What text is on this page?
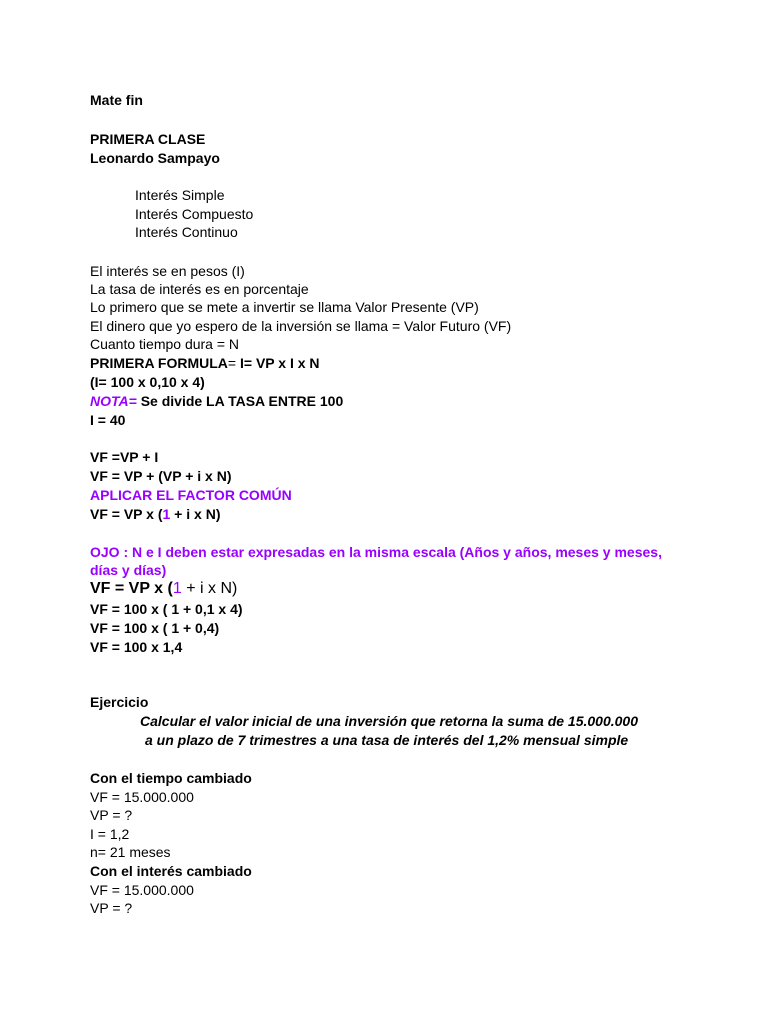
Mate fin
PRIMERA CLASE
Leonardo Sampayo
Interés Simple
Interés Compuesto
Interés Continuo
El interés se en pesos (I)
La tasa de interés es en porcentaje
Lo primero que se mete a invertir se llama Valor Presente (VP)
El dinero que yo espero de la inversión se llama = Valor Futuro (VF)
Cuanto tiempo dura = N
PRIMERA FORMULA= I= VP x I x N
(I= 100 x 0,10 x 4)
NOTA= Se divide LA TASA ENTRE 100
I = 40
VF =VP + I
VF = VP + (VP + i x N)
APLICAR EL FACTOR COMÚN
VF = VP x (1 + i x N)
OJO : N e I deben estar expresadas en la misma escala (Años y años, meses y meses,
días y días)
VF = VP x (1 + i x N)
VF = 100 x ( 1 + 0,1 x 4)
VF = 100 x ( 1 + 0,4)
VF = 100 x 1,4
Ejercicio
Calcular el valor inicial de una inversión que retorna la suma de 15.000.000
a un plazo de 7 trimestres a una tasa de interés del 1,2% mensual simple
Con el tiempo cambiado
VF = 15.000.000
VP = ?
I = 1,2
n= 21 meses
Con el interés cambiado
VF = 15.000.000
VP = ?
